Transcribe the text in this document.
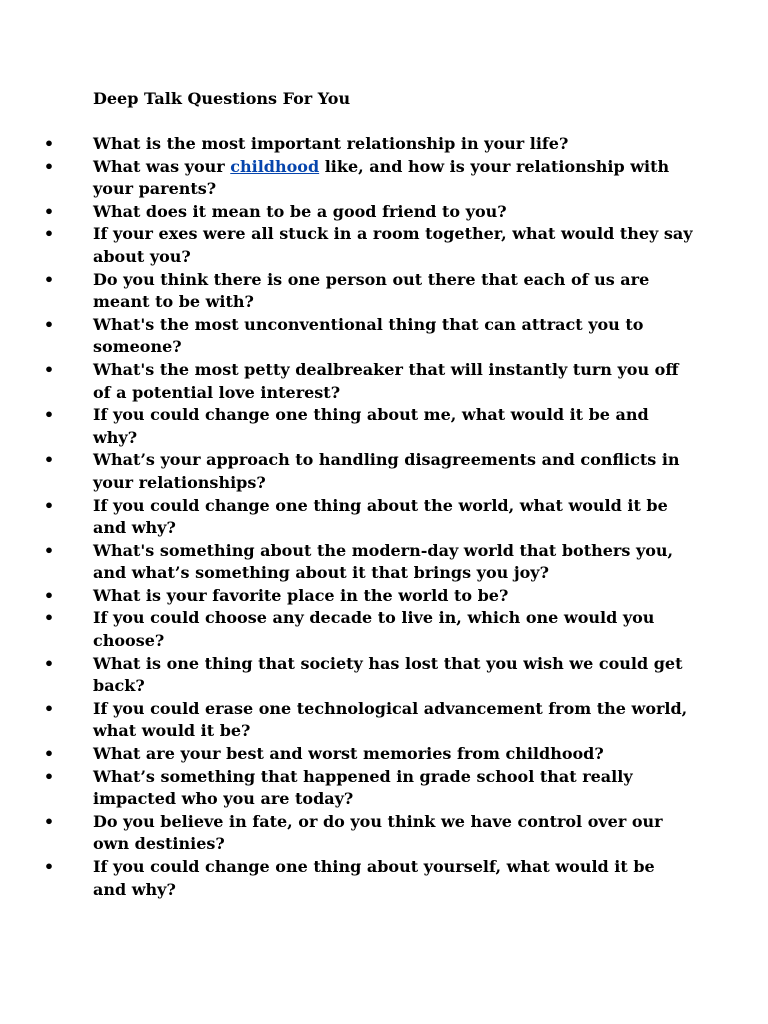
Deep Talk Questions For You
• What is the most important relationship in your life?
• What was your childhood like, and how is your relationship with your parents?
• What does it mean to be a good friend to you?
• If your exes were all stuck in a room together, what would they say about you?
• Do you think there is one person out there that each of us are meant to be with?
• What's the most unconventional thing that can attract you to someone?
• What's the most petty dealbreaker that will instantly turn you off of a potential love interest?
• If you could change one thing about me, what would it be and why?
• What’s your approach to handling disagreements and conflicts in your relationships?
• If you could change one thing about the world, what would it be and why?
• What's something about the modern-day world that bothers you, and what’s something about it that brings you joy?
• What is your favorite place in the world to be?
• If you could choose any decade to live in, which one would you choose?
• What is one thing that society has lost that you wish we could get back?
• If you could erase one technological advancement from the world, what would it be?
• What are your best and worst memories from childhood?
• What’s something that happened in grade school that really impacted who you are today?
• Do you believe in fate, or do you think we have control over our own destinies?
• If you could change one thing about yourself, what would it be and why?
